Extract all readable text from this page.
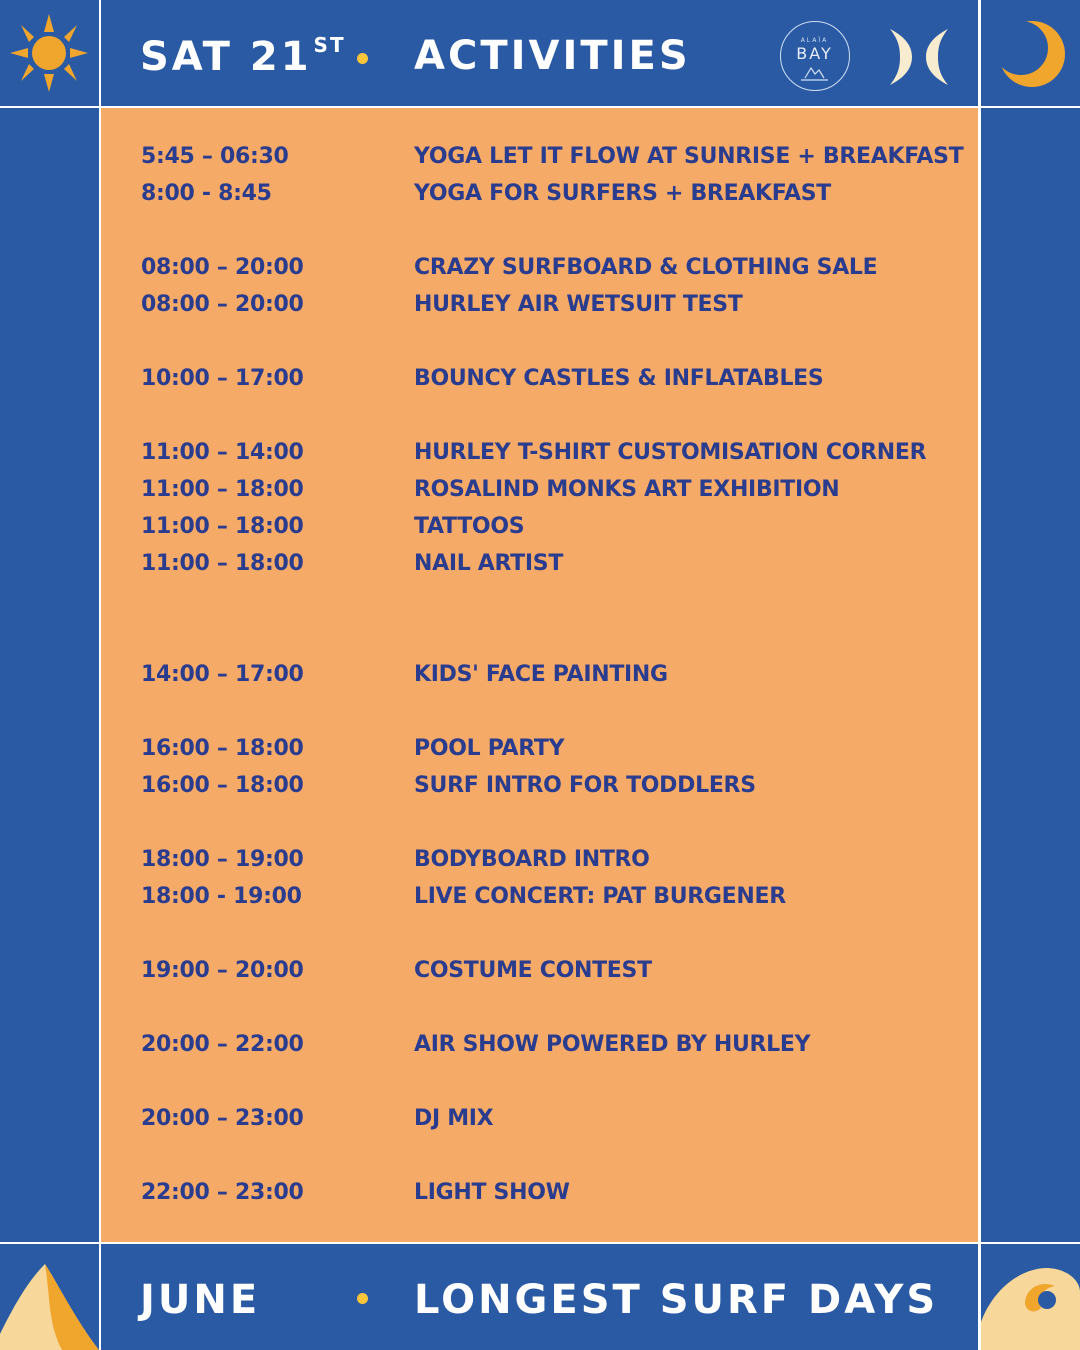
5:45 – 06:30	YOGA LET IT FLOW AT SUNRISE + BREAKFAST
8:00 - 8:45	YOGA FOR SURFERS + BREAKFAST
08:00 – 20:00	CRAZY SURFBOARD & CLOTHING SALE
08:00 – 20:00	HURLEY AIR WETSUIT TEST
10:00 – 17:00	BOUNCY CASTLES & INFLATABLES
11:00 – 14:00	HURLEY T-SHIRT CUSTOMISATION CORNER
11:00 – 18:00	ROSALIND MONKS ART EXHIBITION
11:00 – 18:00	TATTOOS
11:00 – 18:00	NAIL ARTIST
14:00 – 17:00	KIDS' FACE PAINTING
16:00 – 18:00	POOL PARTY
16:00 – 18:00	SURF INTRO FOR TODDLERS
18:00 – 19:00	BODYBOARD INTRO
18:00 - 19:00	LIVE CONCERT: PAT BURGENER
19:00 – 20:00	COSTUME CONTEST
20:00 – 22:00	AIR SHOW POWERED BY HURLEY
20:00 – 23:00	DJ MIX
22:00 – 23:00	LIGHT SHOW
SAT 21 $^{ST}$ ACTIVITIES	ALAÏA
BAY
JUNE	LONGEST SURF DAYS
